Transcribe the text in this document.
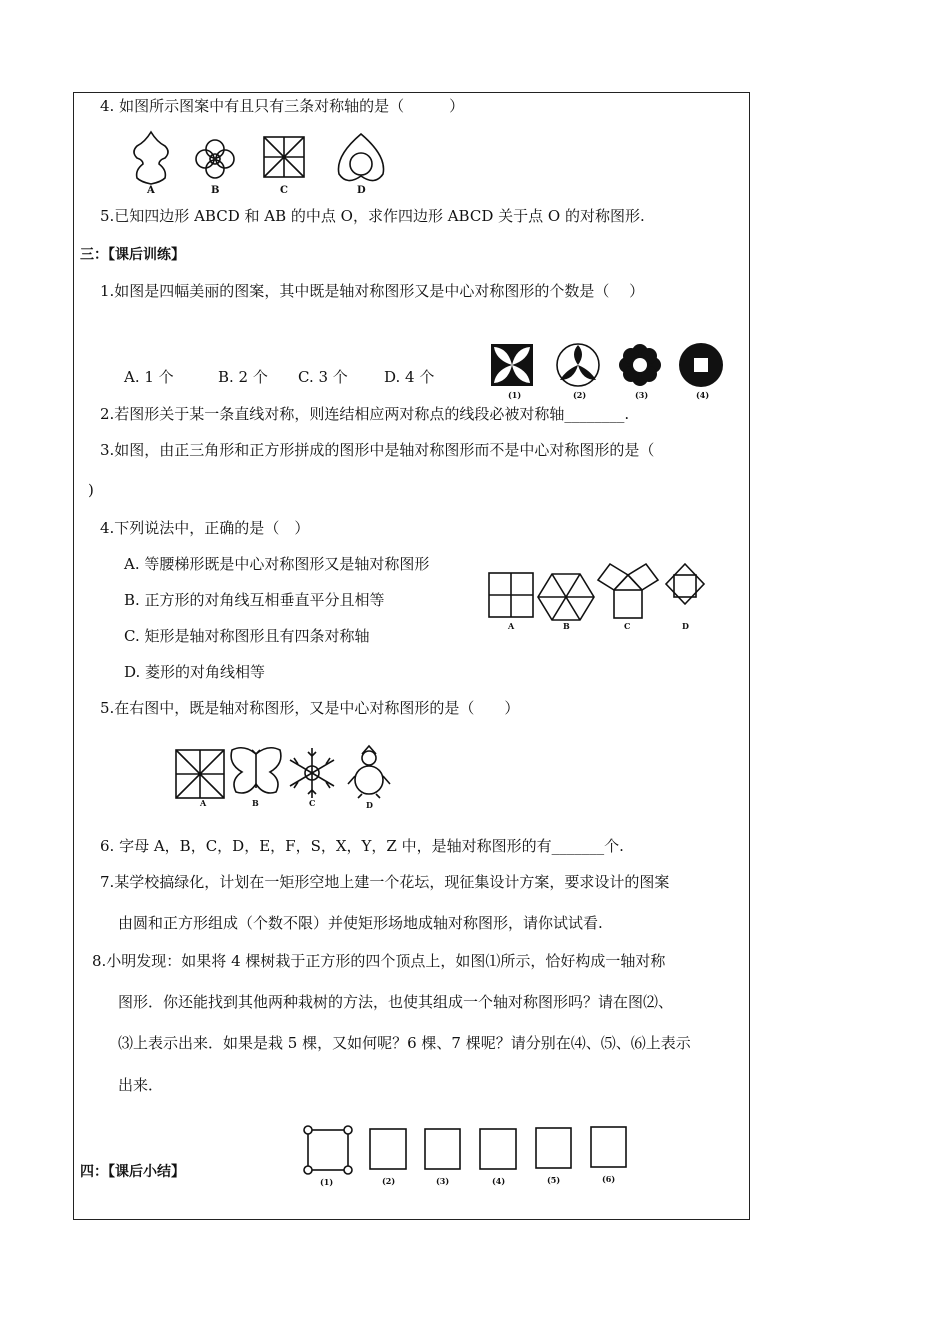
4. 如图所示图案中有且只有三条对称轴的是（　　　）
A	B	C	D
5.已知四边形 ABCD 和 AB 的中点 O，求作四边形 ABCD 关于点 O 的对称图形.
三：【课后训练】
1.如图是四幅美丽的图案，其中既是轴对称图形又是中心对称图形的个数是（　 ）
A. 1 个	B. 2 个 C. 3 个 D. 4 个
(1)	(2)	(3)	(4)
2.若图形关于某一条直线对称，则连结相应两对称点的线段必被对称轴________.
3.如图，由正三角形和正方形拼成的图形中是轴对称图形而不是中心对称图形的是（
)
A	B	C	D
4.下列说法中，正确的是（　）
A. 等腰梯形既是中心对称图形又是轴对称图形
B. 正方形的对角线互相垂直平分且相等
C. 矩形是轴对称图形且有四条对称轴
D. 菱形的对角线相等
5.在右图中，既是轴对称图形，又是中心对称图形的是（　　）
A	B	C	D
6. 字母 A，B，C，D，E，F，S，X，Y，Z 中，是轴对称图形的有_______个.
7.某学校搞绿化，计划在一矩形空地上建一个花坛，现征集设计方案，要求设计的图案
由圆和正方形组成（个数不限）并使矩形场地成轴对称图形，请你试试看.
8.小明发现：如果将 4 棵树栽于正方形的四个顶点上，如图⑴所示，恰好构成一轴对称
图形．你还能找到其他两种栽树的方法，也使其组成一个轴对称图形吗？请在图⑵、
⑶上表示出来．如果是栽 5 棵，又如何呢？6 棵、7 棵呢？请分别在⑷、⑸、⑹上表示
出来．
四：【课后小结】
(1)	(2)	(3)	(4)	(5)	(6)
